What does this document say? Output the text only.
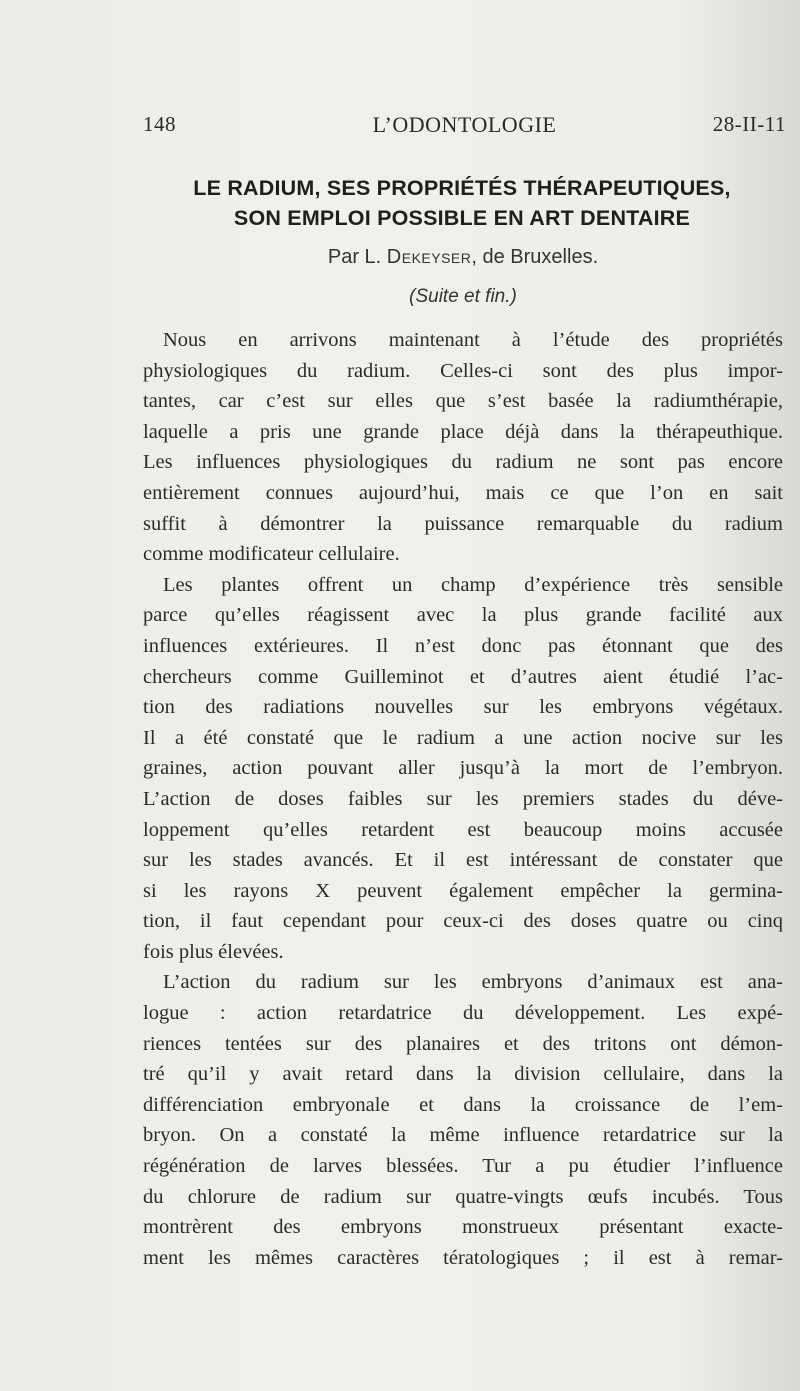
148	L’ODONTOLOGIE	28-II-11
LE RADIUM, SES PROPRIÉTÉS THÉRAPEUTIQUES,
SON EMPLOI POSSIBLE EN ART DENTAIRE
Par L. Dekeyser, de Bruxelles.
(Suite et fin.)
Nous en arrivons maintenant à l’étude des propriétés
physiologiques du radium. Celles-ci sont des plus impor-
tantes, car c’est sur elles que s’est basée la radiumthérapie,
laquelle a pris une grande place déjà dans la thérapeuthique.
Les influences physiologiques du radium ne sont pas encore
entièrement connues aujourd’hui, mais ce que l’on en sait
suffit à démontrer la puissance remarquable du radium
comme modificateur cellulaire.
Les plantes offrent un champ d’expérience très sensible
parce qu’elles réagissent avec la plus grande facilité aux
influences extérieures. Il n’est donc pas étonnant que des
chercheurs comme Guilleminot et d’autres aient étudié l’ac-
tion des radiations nouvelles sur les embryons végétaux.
Il a été constaté que le radium a une action nocive sur les
graines, action pouvant aller jusqu’à la mort de l’embryon.
L’action de doses faibles sur les premiers stades du déve-
loppement qu’elles retardent est beaucoup moins accusée
sur les stades avancés. Et il est intéressant de constater que
si les rayons X peuvent également empêcher la germina-
tion, il faut cependant pour ceux-ci des doses quatre ou cinq
fois plus élevées.
L’action du radium sur les embryons d’animaux est ana-
logue : action retardatrice du développement. Les expé-
riences tentées sur des planaires et des tritons ont démon-
tré qu’il y avait retard dans la division cellulaire, dans la
différenciation embryonale et dans la croissance de l’em-
bryon. On a constaté la même influence retardatrice sur la
régénération de larves blessées. Tur a pu étudier l’influence
du chlorure de radium sur quatre-vingts œufs incubés. Tous
montrèrent des embryons monstrueux présentant exacte-
ment les mêmes caractères tératologiques ; il est à remar-
